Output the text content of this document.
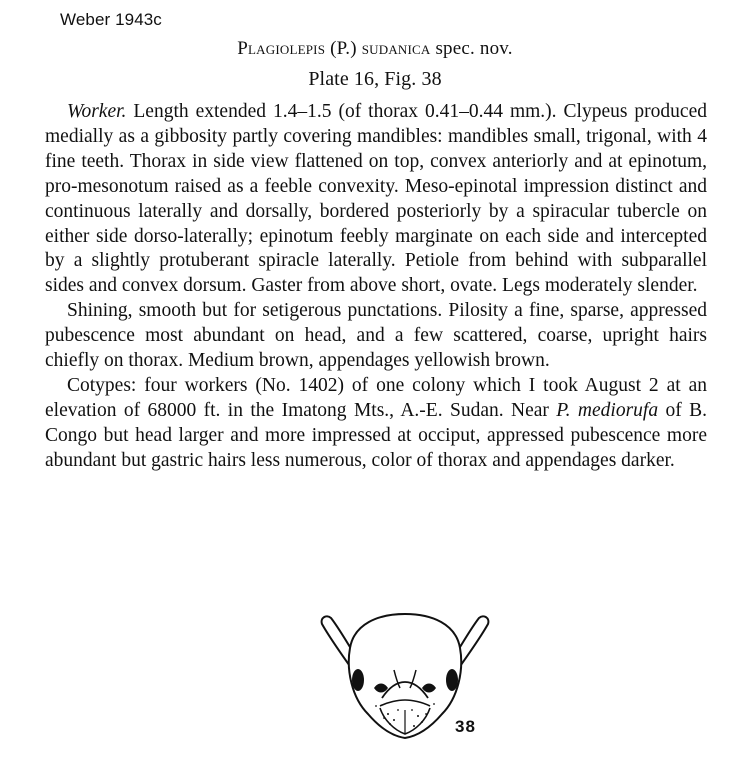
Weber 1943c
Plagiolepis (P.) sudanica spec. nov.
Plate 16, Fig. 38

Worker. Length extended 1.4–1.5 (of thorax 0.41–0.44 mm.). Clypeus produced medially as a gibbosity partly covering mandibles: mandibles small, trigonal, with 4 fine teeth. Thorax in side view flattened on top, convex anteriorly and at epinotum, pro-mesonotum raised as a feeble convexity. Meso-epinotal impression distinct and continuous laterally and dorsally, bordered posteriorly by a spiracular tubercle on either side dorso-laterally; epinotum feebly marginate on each side and intercepted by a slightly protuberant spiracle laterally. Petiole from behind with subparallel sides and convex dorsum. Gaster from above short, ovate. Legs moderately slender.

Shining, smooth but for setigerous punctations. Pilosity a fine, sparse, appressed pubescence most abundant on head, and a few scattered, coarse, upright hairs chiefly on thorax. Medium brown, appendages yellowish brown.

Cotypes: four workers (No. 1402) of one colony which I took August 2 at an elevation of 68000 ft. in the Imatong Mts., A.-E. Sudan. Near P. mediorufa of B. Congo but head larger and more impressed at occiput, appressed pubescence more abundant but gastric hairs less numerous, color of thorax and appendages darker.

38
